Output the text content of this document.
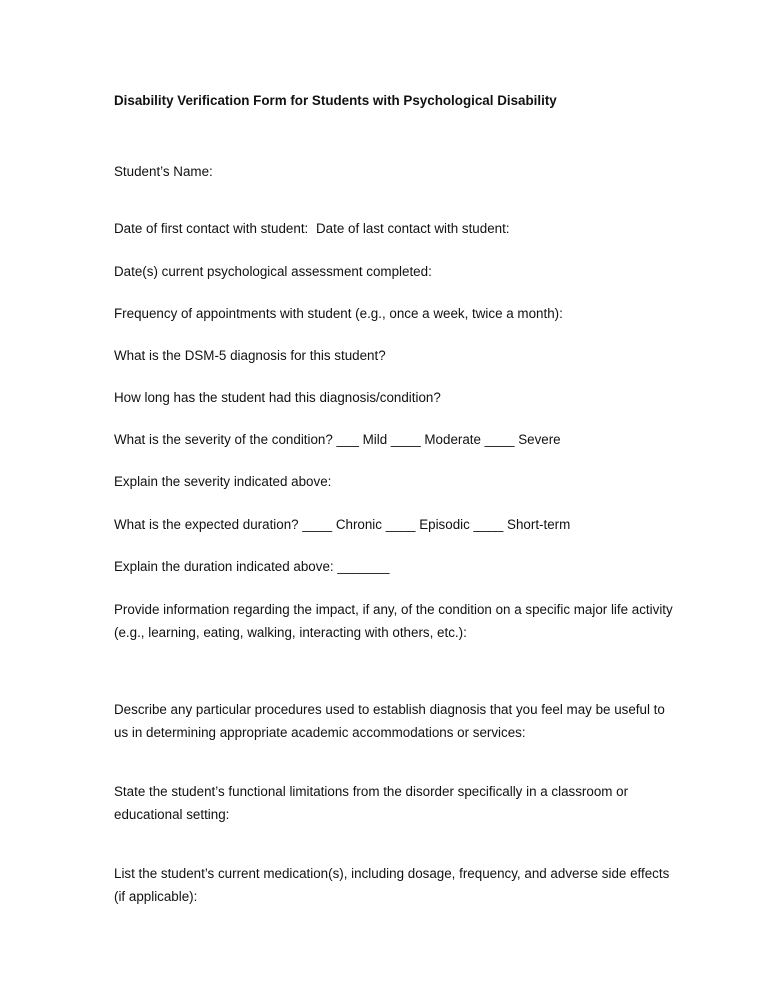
Disability Verification Form for Students with Psychological Disability
Student’s Name:
Date of first contact with student: Date of last contact with student:
Date(s) current psychological assessment completed:
Frequency of appointments with student (e.g., once a week, twice a month):
What is the DSM-5 diagnosis for this student?
How long has the student had this diagnosis/condition?
What is the severity of the condition? ___ Mild ____ Moderate ____ Severe
Explain the severity indicated above:
What is the expected duration? ____ Chronic ____ Episodic ____ Short-term
Explain the duration indicated above: _______
Provide information regarding the impact, if any, of the condition on a specific major life activity (e.g., learning, eating, walking, interacting with others, etc.):
Describe any particular procedures used to establish diagnosis that you feel may be useful to us in determining appropriate academic accommodations or services:
State the student’s functional limitations from the disorder specifically in a classroom or educational setting:
List the student’s current medication(s), including dosage, frequency, and adverse side effects (if applicable):
